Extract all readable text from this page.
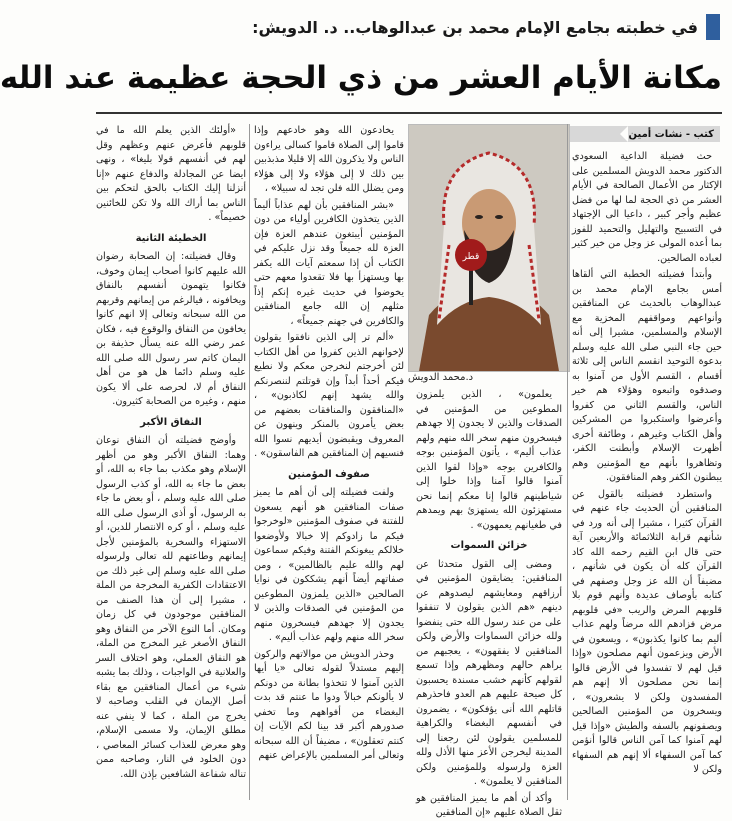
في خطبته بجامع الإمام محمد بن عبدالوهاب.. د. الدويش:
مكانة الأيام العشر من ذي الحجة عظيمة عند الله
كتب - نشات أمين

حث فضيلة الداعية السعودي الدكتور محمد الدويش المسلمين على الإكثار من الأعمال الصالحة في الأيام العشر من ذي الحجة لما لها من فضل عظيم وأجر كبير ، داعيا الى الإجتهاد في التسبيح والتهليل والتحميد للفوز بما أعده المولى عز وجل من خير كثير لعباده الصالحين.

وأبتدأ فضيلته الخطبة التي ألقاها أمس بجامع الإمام محمد بن عبدالوهاب بالحديث عن المنافقين وأنواعهم ومواقفهم المخزية مع الإسلام والمسلمين، مشيرا إلى أنه حين جاء النبي صلى الله عليه وسلم بدعوة التوحيد انقسم الناس إلى ثلاثة أقسام ، القسم الأول من آمنوا به وصدقوه واتبعوه وهؤلاء هم خير الناس، والقسم الثاني من كفروا وأعرضوا واستكبروا من المشركين وأهل الكتاب وغيرهم ، وطائفة أخرى أظهرت الإسلام وأبطنت الكفر، وتظاهروا بأنهم مع المؤمنين وهم يبطنون الكفر وهم المنافقون.

واستطرد فضيلته بالقول عن المنافقين أن الحديث جاء عنهم في القرآن كثيرا ، مشيرا إلى أنه ورد في شأنهم قرابة الثلاثمائة والأربعين آية حتى قال ابن القيم رحمه الله كاد القرآن كله أن يكون في شأنهم ، مضيفاً أن الله عز وجل وصفهم في كتابه بأوصاف عديدة وأنهم قوم بلا قلوبهم المرض والريب «في قلوبهم مرض فزادهم الله مرضاً ولهم عذاب أليم بما كانوا يكذبون» ، ويسعون في الأرض ويزعمون أنهم مصلحون «وإذا قيل لهم لا تفسدوا في الأرض قالوا إنما نحن مصلحون ألا إنهم هم المفسدون ولكن لا يشعرون» ، ويسخرون من المؤمنين الصالحين ويصفونهم بالسفه والطيش «وإذا قيل لهم آمنوا كما آمن الناس قالوا أنؤمن كما آمن السفهاء ألا إنهم هم السفهاء ولكن لا

قطر
د.محمد الدويش

يعلمون» ، الذين يلمزون المطوعين من المؤمنين في الصدقات والذين لا يجدون إلا جهدهم فيسخرون منهم سخر الله منهم ولهم عذاب أليم» ، يأتون المؤمنين بوجه والكافرين بوجه «وإذا لقوا الذين آمنوا قالوا آمنا وإذا خلوا إلى شياطينهم قالوا إنا معكم إنما نحن مستهزئون الله يستهزئ بهم ويمدهم في طغيانهم يعمهون» .

خزائن السموات

ومضى إلى القول متحدثا عن المنافقين: يضايقون المؤمنين في أرزاقهم ومعايشهم ليصدوهم عن دينهم «هم الذين يقولون لا تنفقوا على من عند رسول الله حتى ينفضوا ولله خزائن السماوات والأرض ولكن المنافقين لا يفقهون» ، يعجبهم من يراهم حالهم ومظهرهم وإذا تسمع لقولهم كأنهم خشب مسندة يحسبون كل صيحة عليهم هم العدو فاحذرهم قاتلهم الله أنى يؤفكون» ، يضمرون في أنفسهم البغضاء والكراهية للمسلمين يقولون لئن رجعنا إلى المدينة ليخرجن الأعز منها الأذل ولله العزة ولرسوله وللمؤمنين ولكن المنافقين لا يعلمون» .

وأكد أن أهم ما يميز المنافقين هو ثقل الصلاة عليهم «إن المنافقين

يخادعون الله وهو خادعهم وإذا قاموا إلى الصلاة قاموا كسالى يراءون الناس ولا يذكرون الله إلا قليلا مذبذبين بين ذلك لا إلى هؤلاء ولا إلى هؤلاء ومن يضلل الله فلن تجد له سبيلا» ،

«بشر المنافقين بأن لهم عذاباً أليماً الذين يتخذون الكافرين أولياء من دون المؤمنين أيبتغون عندهم العزة فإن العزة لله جميعاً وقد نزل عليكم في الكتاب أن إذا سمعتم آيات الله يكفر بها ويستهزأ بها فلا تقعدوا معهم حتى يخوضوا في حديث غيره إنكم إذاً مثلهم إن الله جامع المنافقين والكافرين في جهنم جميعاً» ،

«ألم تر إلى الذين نافقوا يقولون لإخوانهم الذين كفروا من أهل الكتاب لئن أخرجتم لنخرجن معكم ولا نطيع فيكم أحداً أبداً وإن قوتلتم لننصرنكم والله يشهد إنهم لكاذبون» ، «المنافقون والمنافقات بعضهم من بعض يأمرون بالمنكر وينهون عن المعروف ويقبضون أيديهم نسوا الله فنسيهم إن المنافقين هم الفاسقون» .

صفوف المؤمنين

ولفت فضيلته إلى أن أهم ما يميز صفات المنافقين هو أنهم يسعون للفتنة في صفوف المؤمنين «لوخرجوا فيكم ما زادوكم إلا خبالا ولأوضعوا خلالكم يبغونكم الفتنة وفيكم سماعون لهم والله عليم بالظالمين» ، ومن صفاتهم أيضاً أنهم يشككون في نوايا الصالحين «الذين يلمزون المطوعين من المؤمنين في الصدقات والذين لا يجدون إلا جهدهم فيسخرون منهم سخر الله منهم ولهم عذاب أليم» .

وحذر الدويش من موالاتهم والركون إليهم مستدلاً لقوله تعالى «يا أيها الذين آمنوا لا تتخذوا بطانة من دونكم لا يألونكم خبالاً ودوا ما عنتم قد بدت البغضاء من أفواههم وما تخفي صدورهم أكبر قد بينا لكم الآيات إن كنتم تعقلون» ، مضيفاً أن الله سبحانه وتعالى أمر المسلمين بالإعراض عنهم

«أولئك الذين يعلم الله ما في قلوبهم فأعرض عنهم وعظهم وقل لهم في أنفسهم قولا بليغا» ، ونهى ايضا عن المجادلة والدفاع عنهم «إنا أنزلنا إليك الكتاب بالحق لتحكم بين الناس بما أراك الله ولا تكن للخائنين خصيماً» .

الخطيئة الثانية

وقال فضيلته: إن الصحابة رضوان الله عليهم كانوا أصحاب إيمان وخوف، فكانوا يتهمون أنفسهم بالنفاق ويخافونه ، فيالرغم من إيمانهم وقربهم من الله سبحانه وتعالى إلا انهم كانوا يخافون من النفاق والوقوع فيه ، فكان عمر رضي الله عنه يسأل حذيفة بن اليمان كاتم سر رسول الله صلى الله عليه وسلم دائما هل هو من أهل النفاق أم لا، لحرصه على ألا يكون منهم ، وغيره من الصحابة كثيرون.

النفاق الأكبر

وأوضح فضيلته أن النفاق نوعان وهما: النفاق الأكبر وهو من أظهر الإسلام وهو مكذب بما جاء به الله، أو بعض ما جاء به الله، أو كذب الرسول صلى الله عليه وسلم ، أو بعض ما جاء به الرسول، أو أذى الرسول صلى الله عليه وسلم ، أو كره الانتصار للدين، أو الاستهزاء والسخرية بالمؤمنين لأجل إيمانهم وطاعتهم لله تعالى ولرسوله صلى الله عليه وسلم إلى غير ذلك من الاعتقادات الكفرية المخرجة من الملة ، مشيرا إلى أن هذا الصنف من المنافقين موجودون في كل زمان ومكان. أما النوع الآخر من النفاق وهو النفاق الأصغر غير المخرج من الملة، هو النفاق العملي، وهو اختلاف السر والعلانية في الواجبات ، وذلك بما يشبه شيء من أعمال المنافقين مع بقاء أصل الإيمان في القلب وصاحبه لا يخرج من الملة ، كما لا ينفي عنه مطلق الإيمان، ولا مسمى الإسلام، وهو معرض للعذاب كسائر المعاصي ، دون الخلود في النار، وصاحبه ممن تناله شفاعة الشافعين بإذن الله.
